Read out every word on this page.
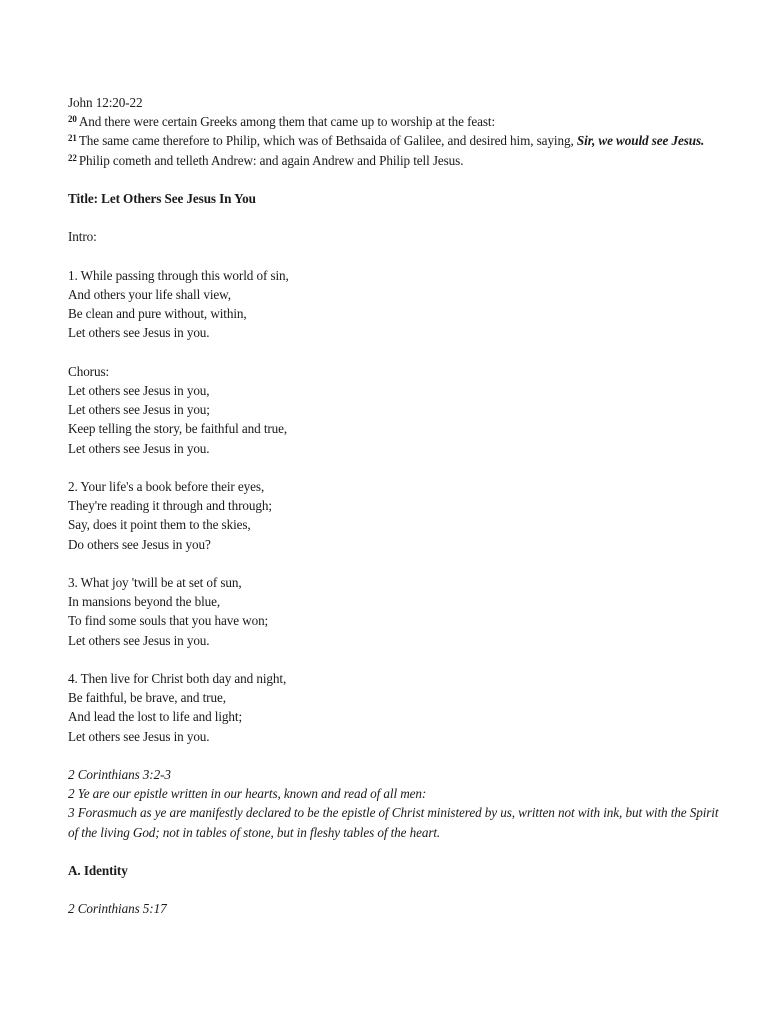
John 12:20-22
$^{20}$ And there were certain Greeks among them that came up to worship at the feast:
$^{21}$ The same came therefore to Philip, which was of Bethsaida of Galilee, and desired him, saying, Sir, we would see Jesus.
$^{22}$ Philip cometh and telleth Andrew: and again Andrew and Philip tell Jesus.
Title: Let Others See Jesus In You
Intro:
1. While passing through this world of sin,
And others your life shall view,
Be clean and pure without, within,
Let others see Jesus in you.
Chorus:
Let others see Jesus in you,
Let others see Jesus in you;
Keep telling the story, be faithful and true,
Let others see Jesus in you.
2. Your life's a book before their eyes,
They're reading it through and through;
Say, does it point them to the skies,
Do others see Jesus in you?
3. What joy 'twill be at set of sun,
In mansions beyond the blue,
To find some souls that you have won;
Let others see Jesus in you.
4. Then live for Christ both day and night,
Be faithful, be brave, and true,
And lead the lost to life and light;
Let others see Jesus in you.
2 Corinthians 3:2-3
2 Ye are our epistle written in our hearts, known and read of all men:
3 Forasmuch as ye are manifestly declared to be the epistle of Christ ministered by us, written not with ink, but with the Spirit of the living God; not in tables of stone, but in fleshy tables of the heart.
A. Identity
2 Corinthians 5:17
